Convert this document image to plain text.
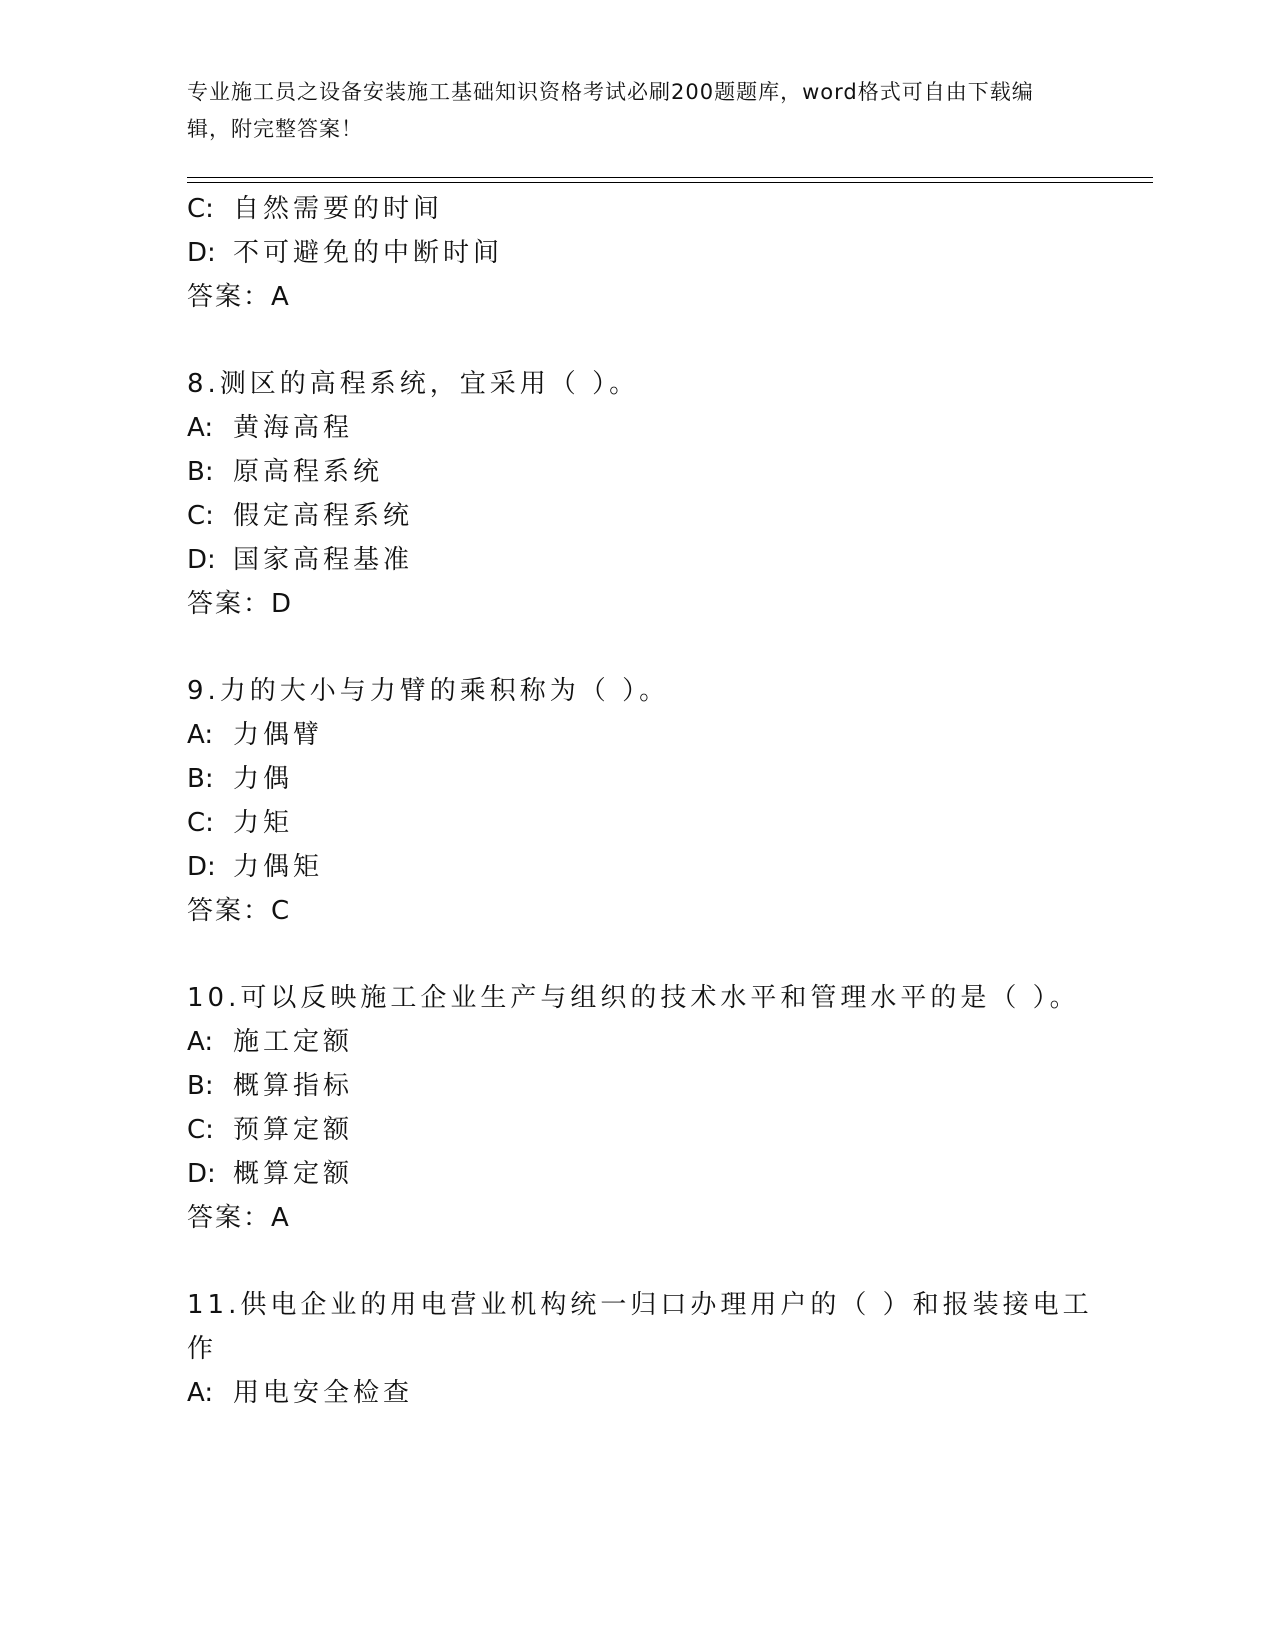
专业施工员之设备安装施工基础知识资格考试必刷200题题库，word格式可自由下载编辑，附完整答案！
C: 自然需要的时间
D: 不可避免的中断时间
答案：A
8.测区的高程系统，宜采用（ ）。
A: 黄海高程
B: 原高程系统
C: 假定高程系统
D: 国家高程基准
答案：D
9.力的大小与力臂的乘积称为（ ）。
A: 力偶臂
B: 力偶
C: 力矩
D: 力偶矩
答案：C
10.可以反映施工企业生产与组织的技术水平和管理水平的是（ ）。
A: 施工定额
B: 概算指标
C: 预算定额
D: 概算定额
答案：A
11.供电企业的用电营业机构统一归口办理用户的（ ）和报装接电工
作
A: 用电安全检查
